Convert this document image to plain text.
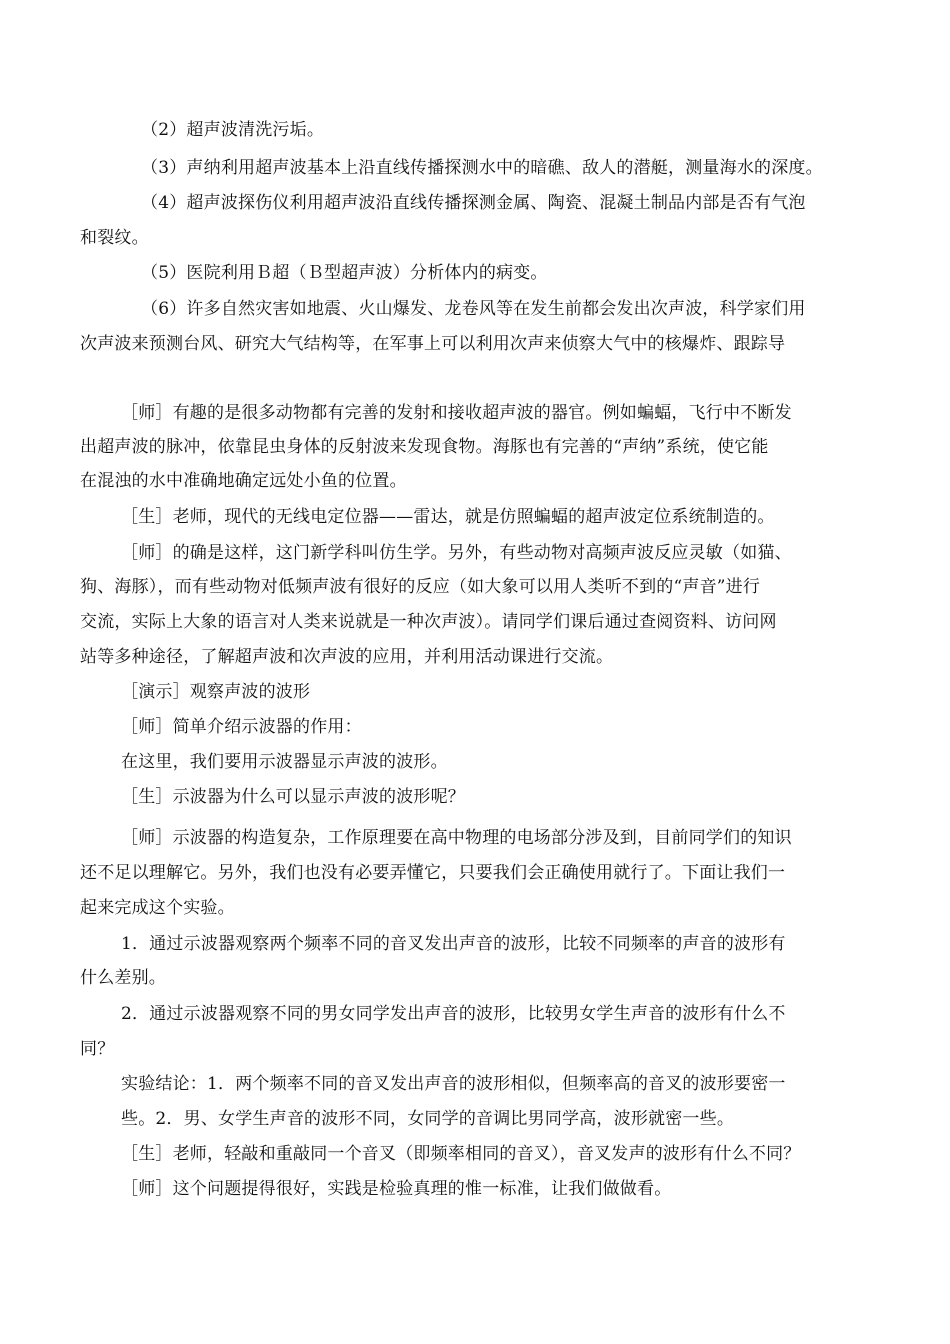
（2）超声波清洗污垢。
（3）声纳利用超声波基本上沿直线传播探测水中的暗礁、敌人的潜艇，测量海水的深度。
（4）超声波探伤仪利用超声波沿直线传播探测金属、陶瓷、混凝土制品内部是否有气泡
和裂纹。
（5）医院利用Ｂ超（Ｂ型超声波）分析体内的病变。
（6）许多自然灾害如地震、火山爆发、龙卷风等在发生前都会发出次声波，科学家们用
次声波来预测台风、研究大气结构等，在军事上可以利用次声来侦察大气中的核爆炸、跟踪导
［师］有趣的是很多动物都有完善的发射和接收超声波的器官。例如蝙蝠，飞行中不断发
出超声波的脉冲，依靠昆虫身体的反射波来发现食物。海豚也有完善的“声纳”系统，使它能
在混浊的水中准确地确定远处小鱼的位置。
［生］老师，现代的无线电定位器——雷达，就是仿照蝙蝠的超声波定位系统制造的。
［师］的确是这样，这门新学科叫仿生学。另外，有些动物对高频声波反应灵敏（如猫、
狗、海豚），而有些动物对低频声波有很好的反应（如大象可以用人类听不到的“声音”进行
交流，实际上大象的语言对人类来说就是一种次声波）。请同学们课后通过查阅资料、访问网
站等多种途径，了解超声波和次声波的应用，并利用活动课进行交流。
［演示］观察声波的波形
［师］简单介绍示波器的作用：
在这里，我们要用示波器显示声波的波形。
［生］示波器为什么可以显示声波的波形呢？
［师］示波器的构造复杂，工作原理要在高中物理的电场部分涉及到，目前同学们的知识
还不足以理解它。另外，我们也没有必要弄懂它，只要我们会正确使用就行了。下面让我们一
起来完成这个实验。
1．通过示波器观察两个频率不同的音叉发出声音的波形，比较不同频率的声音的波形有
什么差别。
2．通过示波器观察不同的男女同学发出声音的波形，比较男女学生声音的波形有什么不
同？
实验结论：1．两个频率不同的音叉发出声音的波形相似，但频率高的音叉的波形要密一
些。2．男、女学生声音的波形不同，女同学的音调比男同学高，波形就密一些。
［生］老师，轻敲和重敲同一个音叉（即频率相同的音叉），音叉发声的波形有什么不同？
［师］这个问题提得很好，实践是检验真理的惟一标准，让我们做做看。
